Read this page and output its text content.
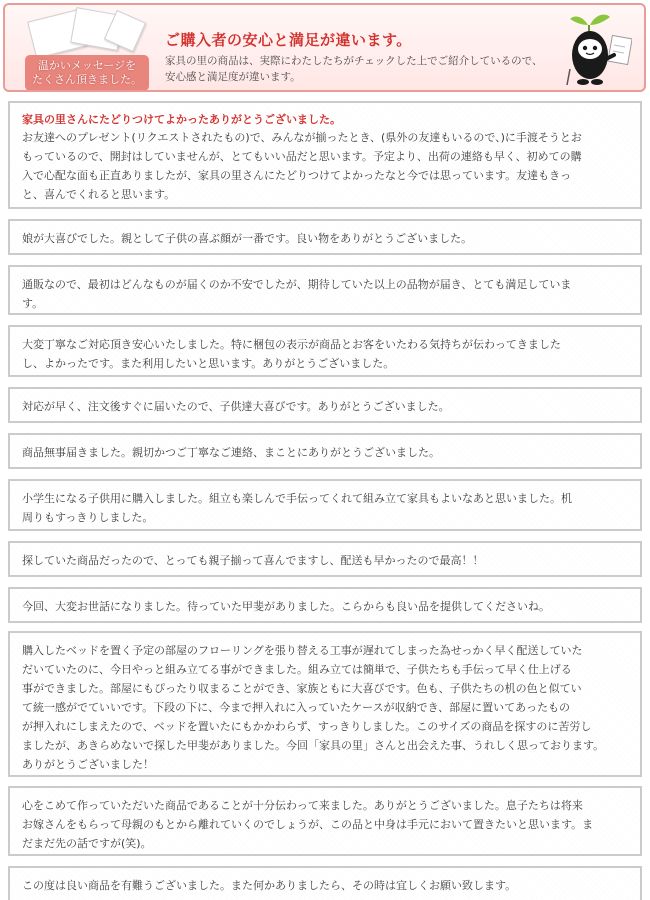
温かいメッセージを
たくさん頂きました。
ご購入者の安心と満足が違います。
家具の里の商品は、実際にわたしたちがチェックした上でご紹介しているので、
安心感と満足度が違います。
家具の里さんにたどりつけてよかったありがとうございました。
お友達へのプレゼント(リクエストされたもの)で、みんなが揃ったとき、(県外の友達もいるので、)に手渡そうとお
もっているので、開封はしていませんが、とてもいい品だと思います。予定より、出荷の連絡も早く、初めての購
入で心配な面も正直ありましたが、家具の里さんにたどりつけてよかったなと今では思っています。友達もきっ
と、喜んでくれると思います。
娘が大喜びでした。親として子供の喜ぶ顔が一番です。良い物をありがとうございました。
通販なので、最初はどんなものが届くのか不安でしたが、期待していた以上の品物が届き、とても満足していま
す。
大変丁寧なご対応頂き安心いたしました。特に梱包の表示が商品とお客をいたわる気持ちが伝わってきました
し、よかったです。また利用したいと思います。ありがとうございました。
対応が早く、注文後すぐに届いたので、子供達大喜びです。ありがとうございました。
商品無事届きました。親切かつご丁寧なご連絡、まことにありがとうございました。
小学生になる子供用に購入しました。組立も楽しんで手伝ってくれて組み立て家具もよいなあと思いました。机
周りもすっきりしました。
探していた商品だったので、とっても親子揃って喜んでますし、配送も早かったので最高！！
今回、大変お世話になりました。待っていた甲斐がありました。こらからも良い品を提供してくださいね。
購入したベッドを置く予定の部屋のフローリングを張り替える工事が遅れてしまった為せっかく早く配送していた
だいていたのに、今日やっと組み立てる事ができました。組み立ては簡単で、子供たちも手伝って早く仕上げる
事ができました。部屋にもぴったり収まることができ、家族ともに大喜びです。色も、子供たちの机の色と似てい
て統一感がでていいです。下段の下に、今まで押入れに入っていたケースが収納でき、部屋に置いてあったもの
が押入れにしまえたので、ベッドを置いたにもかかわらず、すっきりしました。このサイズの商品を探すのに苦労し
ましたが、あきらめないで探した甲斐がありました。今回「家具の里」さんと出会えた事、うれしく思っております。
ありがとうございました！
心をこめて作っていただいた商品であることが十分伝わって来ました。ありがとうございました。息子たちは将来
お嫁さんをもらって母親のもとから離れていくのでしょうが、この品と中身は手元において置きたいと思います。ま
だまだ先の話ですが(笑)。
この度は良い商品を有難うございました。また何かありましたら、その時は宜しくお願い致します。
